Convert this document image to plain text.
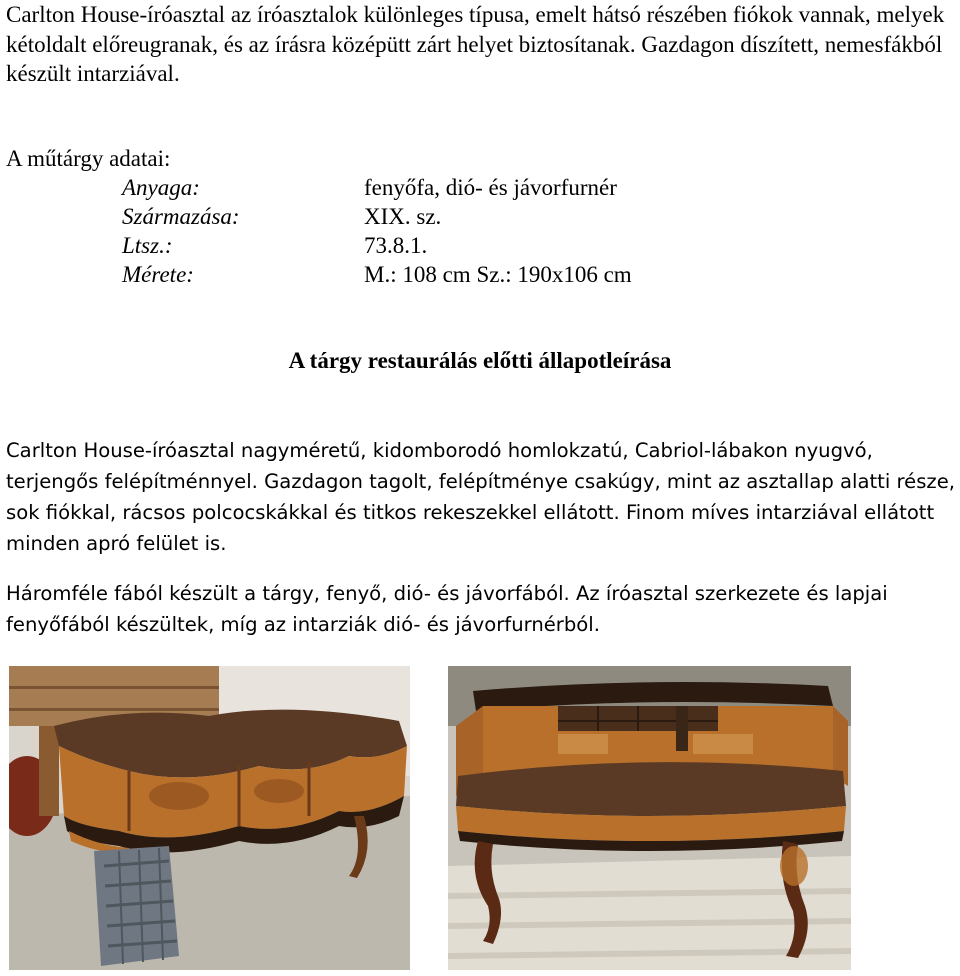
Carlton House-íróasztal az íróasztalok különleges típusa, emelt hátsó részében fiókok vannak, melyek kétoldalt előreugranak, és az írásra középütt zárt helyet biztosítanak. Gazdagon díszített, nemesfákból készült intarziával.

A műtárgy adatai:
Anyaga:	fenyőfa, dió- és jávorfurnér
Származása:	XIX. sz.
Ltsz.:	73.8.1.
Mérete:	M.: 108 cm Sz.: 190x106 cm
A tárgy restaurálás előtti állapotleírása

Carlton House-íróasztal nagyméretű, kidomborodó homlokzatú, Cabriol-lábakon nyugvó, terjengős felépítménnyel. Gazdagon tagolt, felépítménye csakúgy, mint az asztallap alatti része, sok fiókkal, rácsos polcocskákkal és titkos rekeszekkel ellátott. Finom míves intarziával ellátott minden apró felület is.

Háromféle fából készült a tárgy, fenyő, dió- és jávorfából. Az íróasztal szerkezete és lapjai fenyőfából készültek, míg az intarziák dió- és jávorfurnérból.
